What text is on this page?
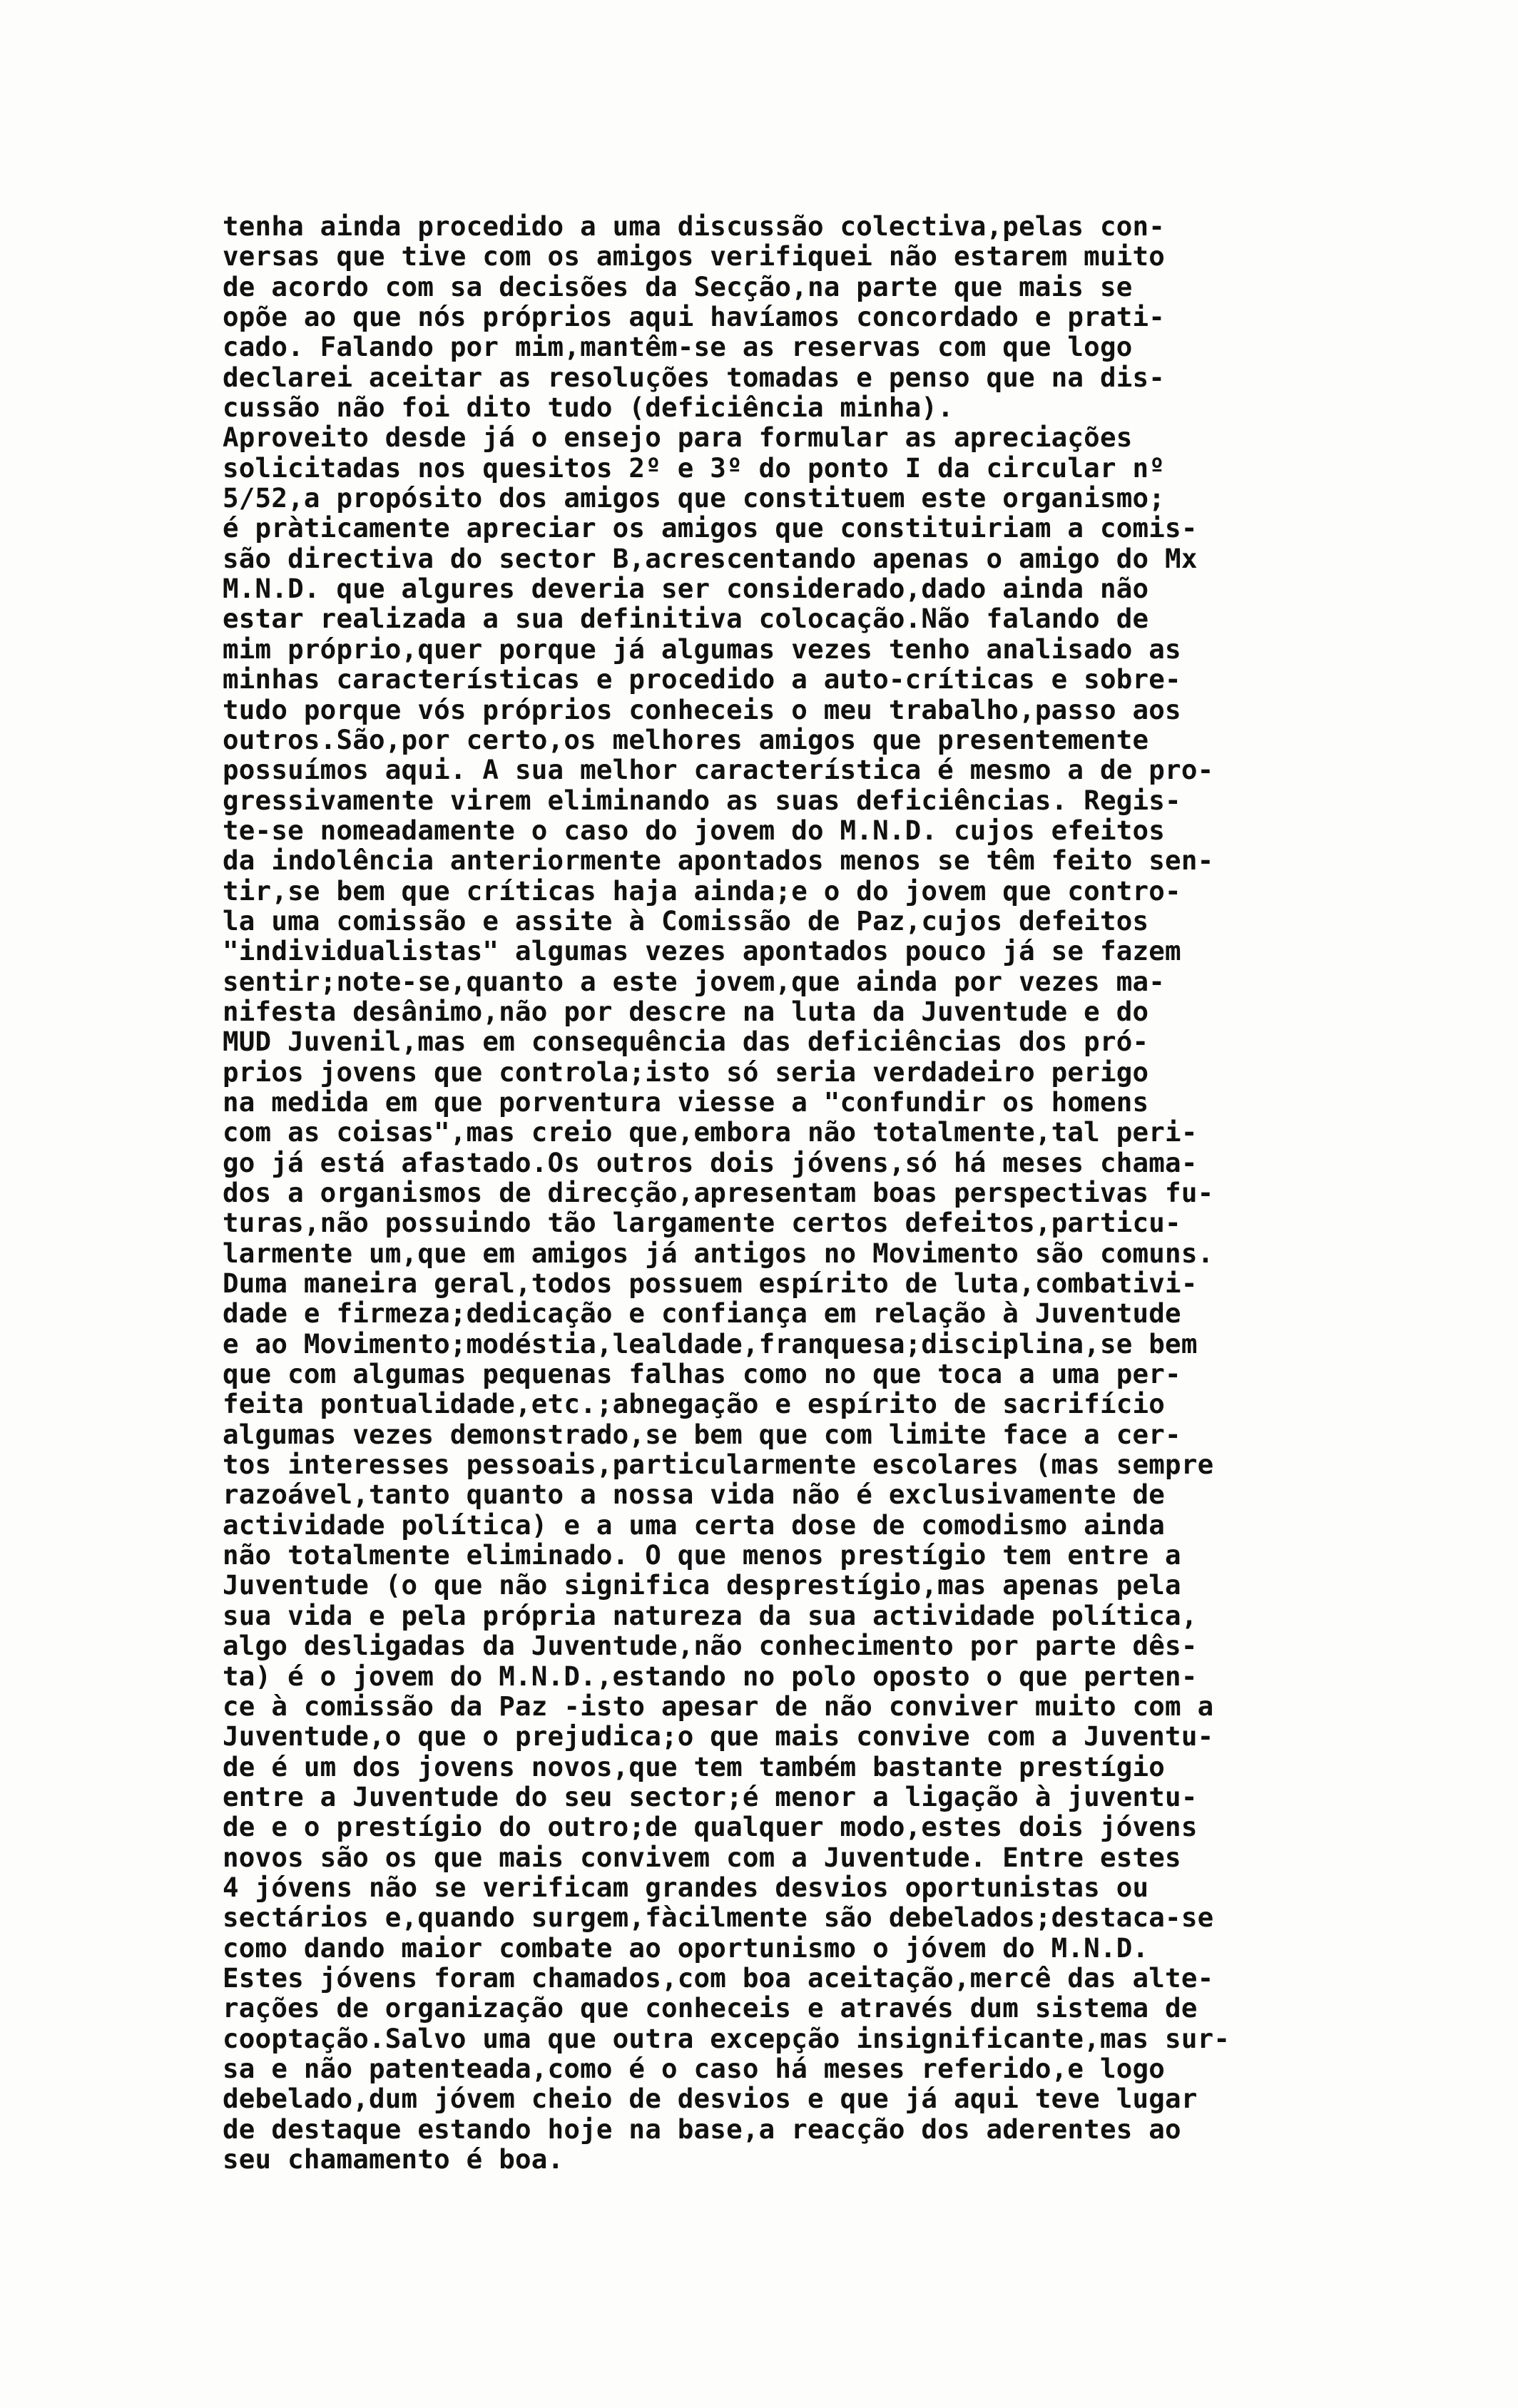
tenha ainda procedido a uma discussão colectiva,pelas con-
versas que tive com os amigos verifiquei não estarem muito
de acordo com sa decisões da Secção,na parte que mais se
opõe ao que nós próprios aqui havíamos concordado e prati-
cado. Falando por mim,mantêm-se as reservas com que logo
declarei aceitar as resoluções tomadas e penso que na dis-
cussão não foi dito tudo (deficiência minha).
Aproveito desde já o ensejo para formular as apreciações
solicitadas nos quesitos 2º e 3º do ponto I da circular nº
5/52,a propósito dos amigos que constituem este organismo;
é pràticamente apreciar os amigos que constituiriam a comis-
são directiva do sector B,acrescentando apenas o amigo do Mx
M.N.D. que algures deveria ser considerado,dado ainda não
estar realizada a sua definitiva colocação.Não falando de
mim próprio,quer porque já algumas vezes tenho analisado as
minhas características e procedido a auto-críticas e sobre-
tudo porque vós próprios conheceis o meu trabalho,passo aos
outros.São,por certo,os melhores amigos que presentemente
possuímos aqui. A sua melhor característica é mesmo a de pro-
gressivamente virem eliminando as suas deficiências. Regis-
te-se nomeadamente o caso do jovem do M.N.D. cujos efeitos
da indolência anteriormente apontados menos se têm feito sen-
tir,se bem que críticas haja ainda;e o do jovem que contro-
la uma comissão e assite à Comissão de Paz,cujos defeitos
"individualistas" algumas vezes apontados pouco já se fazem
sentir;note-se,quanto a este jovem,que ainda por vezes ma-
nifesta desânimo,não por descre na luta da Juventude e do
MUD Juvenil,mas em consequência das deficiências dos pró-
prios jovens que controla;isto só seria verdadeiro perigo
na medida em que porventura viesse a "confundir os homens
com as coisas",mas creio que,embora não totalmente,tal peri-
go já está afastado.Os outros dois jóvens,só há meses chama-
dos a organismos de direcção,apresentam boas perspectivas fu-
turas,não possuindo tão largamente certos defeitos,particu-
larmente um,que em amigos já antigos no Movimento são comuns.
Duma maneira geral,todos possuem espírito de luta,combativi-
dade e firmeza;dedicação e confiança em relação à Juventude
e ao Movimento;modéstia,lealdade,franquesa;disciplina,se bem
que com algumas pequenas falhas como no que toca a uma per-
feita pontualidade,etc.;abnegação e espírito de sacrifício
algumas vezes demonstrado,se bem que com limite face a cer-
tos interesses pessoais,particularmente escolares (mas sempre
razoável,tanto quanto a nossa vida não é exclusivamente de
actividade política) e a uma certa dose de comodismo ainda
não totalmente eliminado. O que menos prestígio tem entre a
Juventude (o que não significa desprestígio,mas apenas pela
sua vida e pela própria natureza da sua actividade política,
algo desligadas da Juventude,não conhecimento por parte dês-
ta) é o jovem do M.N.D.,estando no polo oposto o que perten-
ce à comissão da Paz -isto apesar de não conviver muito com a
Juventude,o que o prejudica;o que mais convive com a Juventu-
de é um dos jovens novos,que tem também bastante prestígio
entre a Juventude do seu sector;é menor a ligação à juventu-
de e o prestígio do outro;de qualquer modo,estes dois jóvens
novos são os que mais convivem com a Juventude. Entre estes
4 jóvens não se verificam grandes desvios oportunistas ou
sectários e,quando surgem,fàcilmente são debelados;destaca-se
como dando maior combate ao oportunismo o jóvem do M.N.D.
Estes jóvens foram chamados,com boa aceitação,mercê das alte-
rações de organização que conheceis e através dum sistema de
cooptação.Salvo uma que outra excepção insignificante,mas sur-
sa e não patenteada,como é o caso há meses referido,e logo
debelado,dum jóvem cheio de desvios e que já aqui teve lugar
de destaque estando hoje na base,a reacção dos aderentes ao
seu chamamento é boa.
